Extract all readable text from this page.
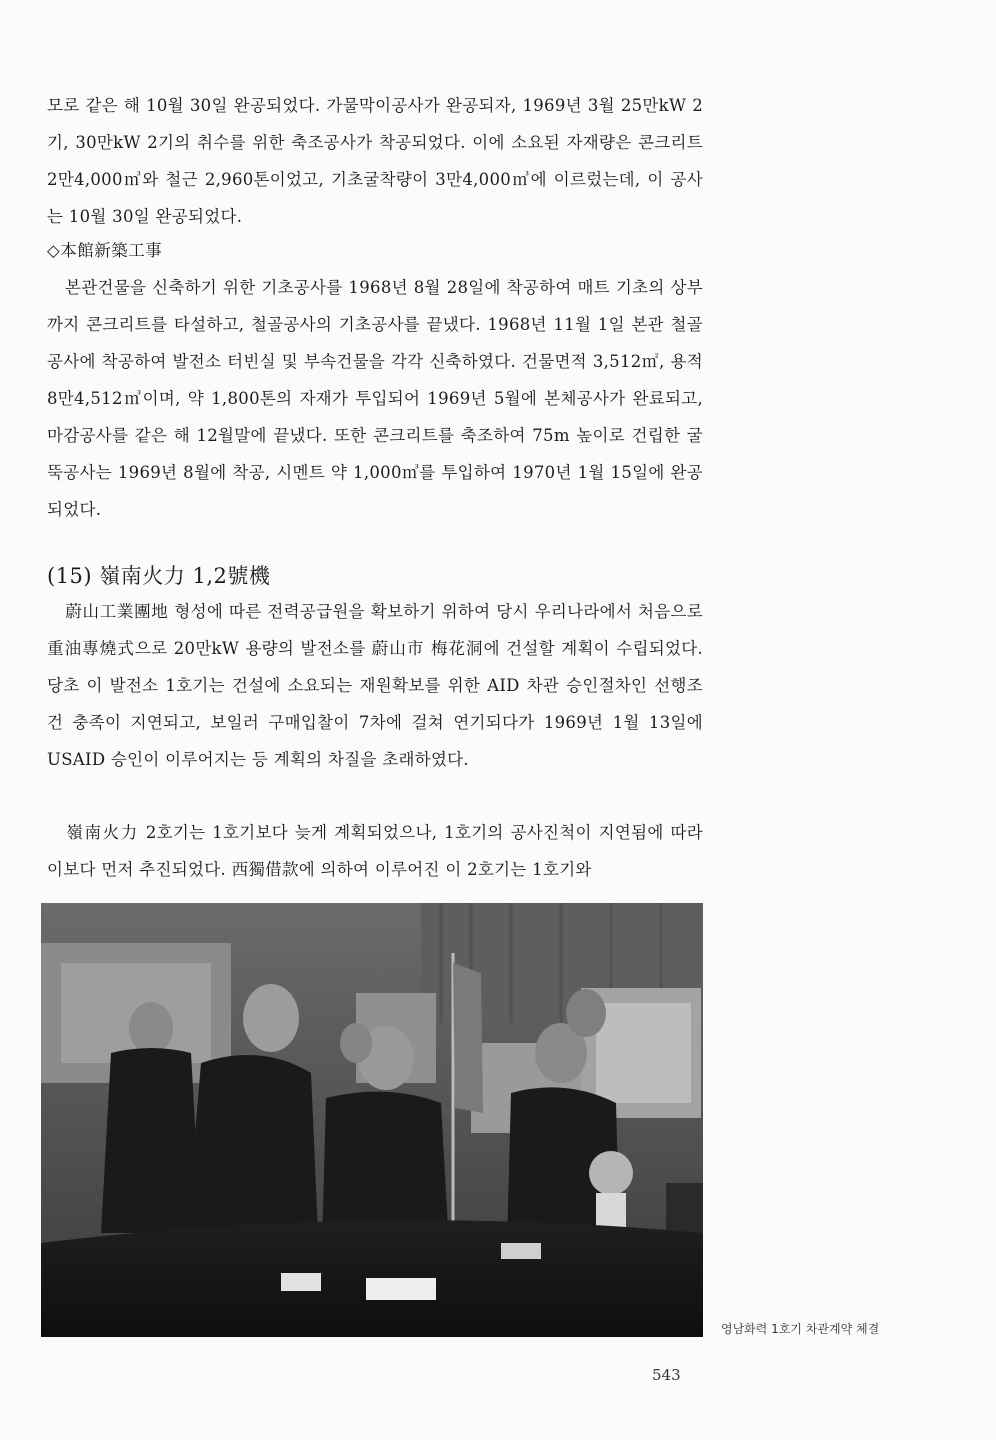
모로 같은 해 10월 30일 완공되었다. 가물막이공사가 완공되자, 1969년 3월 25만kW 2기, 30만kW 2기의 취수를 위한 축조공사가 착공되었다. 이에 소요된 자재량은 콘크리트 2만4,000㎥와 철근 2,960톤이었고, 기초굴착량이 3만4,000㎥에 이르렀는데, 이 공사는 10월 30일 완공되었다.
◇本館新築工事
본관건물을 신축하기 위한 기초공사를 1968년 8월 28일에 착공하여 매트 기초의 상부까지 콘크리트를 타설하고, 철골공사의 기초공사를 끝냈다. 1968년 11월 1일 본관 철골공사에 착공하여 발전소 터빈실 및 부속건물을 각각 신축하였다. 건물면적 3,512㎡, 용적 8만4,512㎥이며, 약 1,800톤의 자재가 투입되어 1969년 5월에 본체공사가 완료되고, 마감공사를 같은 해 12월말에 끝냈다. 또한 콘크리트를 축조하여 75m 높이로 건립한 굴뚝공사는 1969년 8월에 착공, 시멘트 약 1,000㎥를 투입하여 1970년 1월 15일에 완공되었다.
(15) 嶺南火力 1,2號機
蔚山工業團地 형성에 따른 전력공급원을 확보하기 위하여 당시 우리나라에서 처음으로 重油專燒式으로 20만kW 용량의 발전소를 蔚山市 梅花洞에 건설할 계획이 수립되었다. 당초 이 발전소 1호기는 건설에 소요되는 재원확보를 위한 AID 차관 승인절차인 선행조건 충족이 지연되고, 보일러 구매입찰이 7차에 걸쳐 연기되다가 1969년 1월 13일에 USAID 승인이 이루어지는 등 계획의 차질을 초래하였다.
嶺南火力 2호기는 1호기보다 늦게 계획되었으나, 1호기의 공사진척이 지연됨에 따라 이보다 먼저 추진되었다. 西獨借款에 의하여 이루어진 이 2호기는 1호기와
영남화력 1호기 차관계약 체결
543
